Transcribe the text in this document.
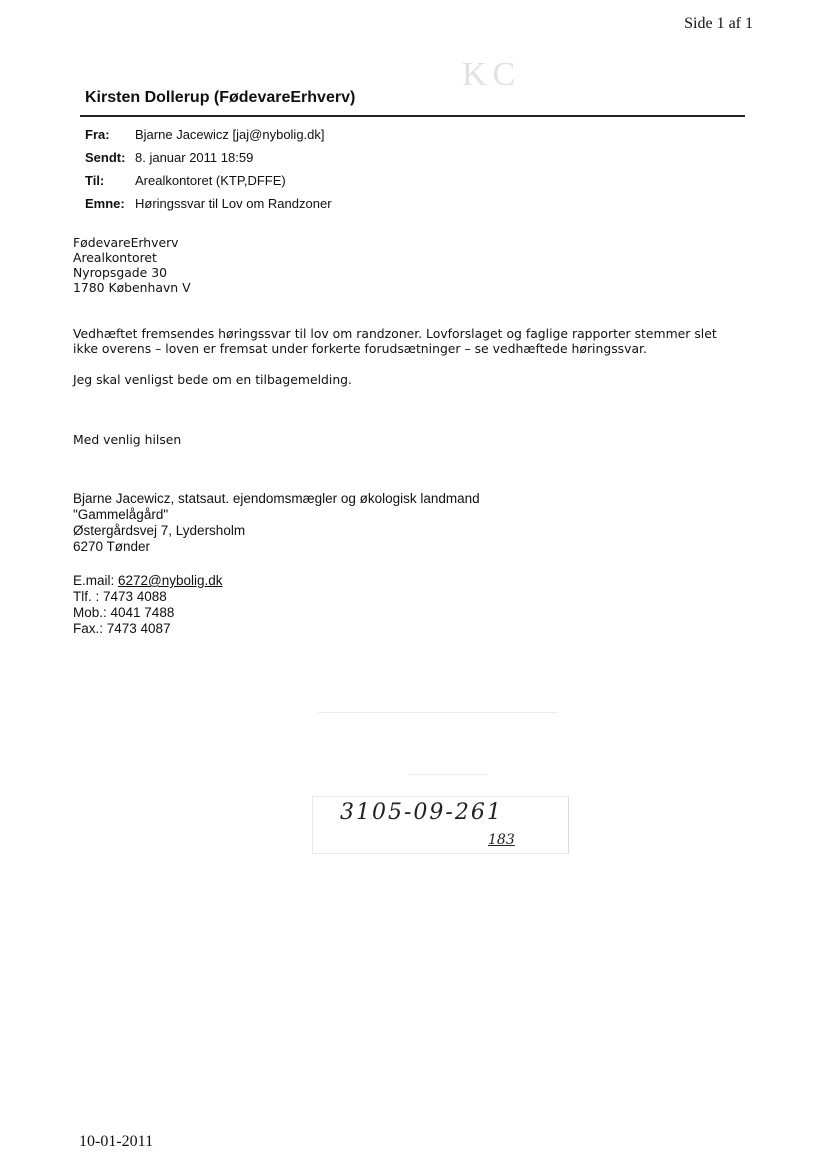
Side 1 af 1
KC
Kirsten Dollerup (FødevareErhverv)
Fra: Bjarne Jacewicz [jaj@nybolig.dk]
Sendt: 8. januar 2011 18:59
Til: Arealkontoret (KTP,DFFE)
Emne: Høringssvar til Lov om Randzoner
FødevareErhverv
Arealkontoret
Nyropsgade 30
1780 København V
Vedhæftet fremsendes høringssvar til lov om randzoner. Lovforslaget og faglige rapporter stemmer slet
ikke overens – loven er fremsat under forkerte forudsætninger – se vedhæftede høringssvar.
Jeg skal venligst bede om en tilbagemelding.
Med venlig hilsen
Bjarne Jacewicz, statsaut. ejendomsmægler og økologisk landmand
"Gammelågård"
Østergårdsvej 7, Lydersholm
6270 Tønder
E.mail: 6272@nybolig.dk
Tlf. : 7473 4088
Mob.: 4041 7488
Fax.: 7473 4087
3105-09-261
183
10-01-2011
